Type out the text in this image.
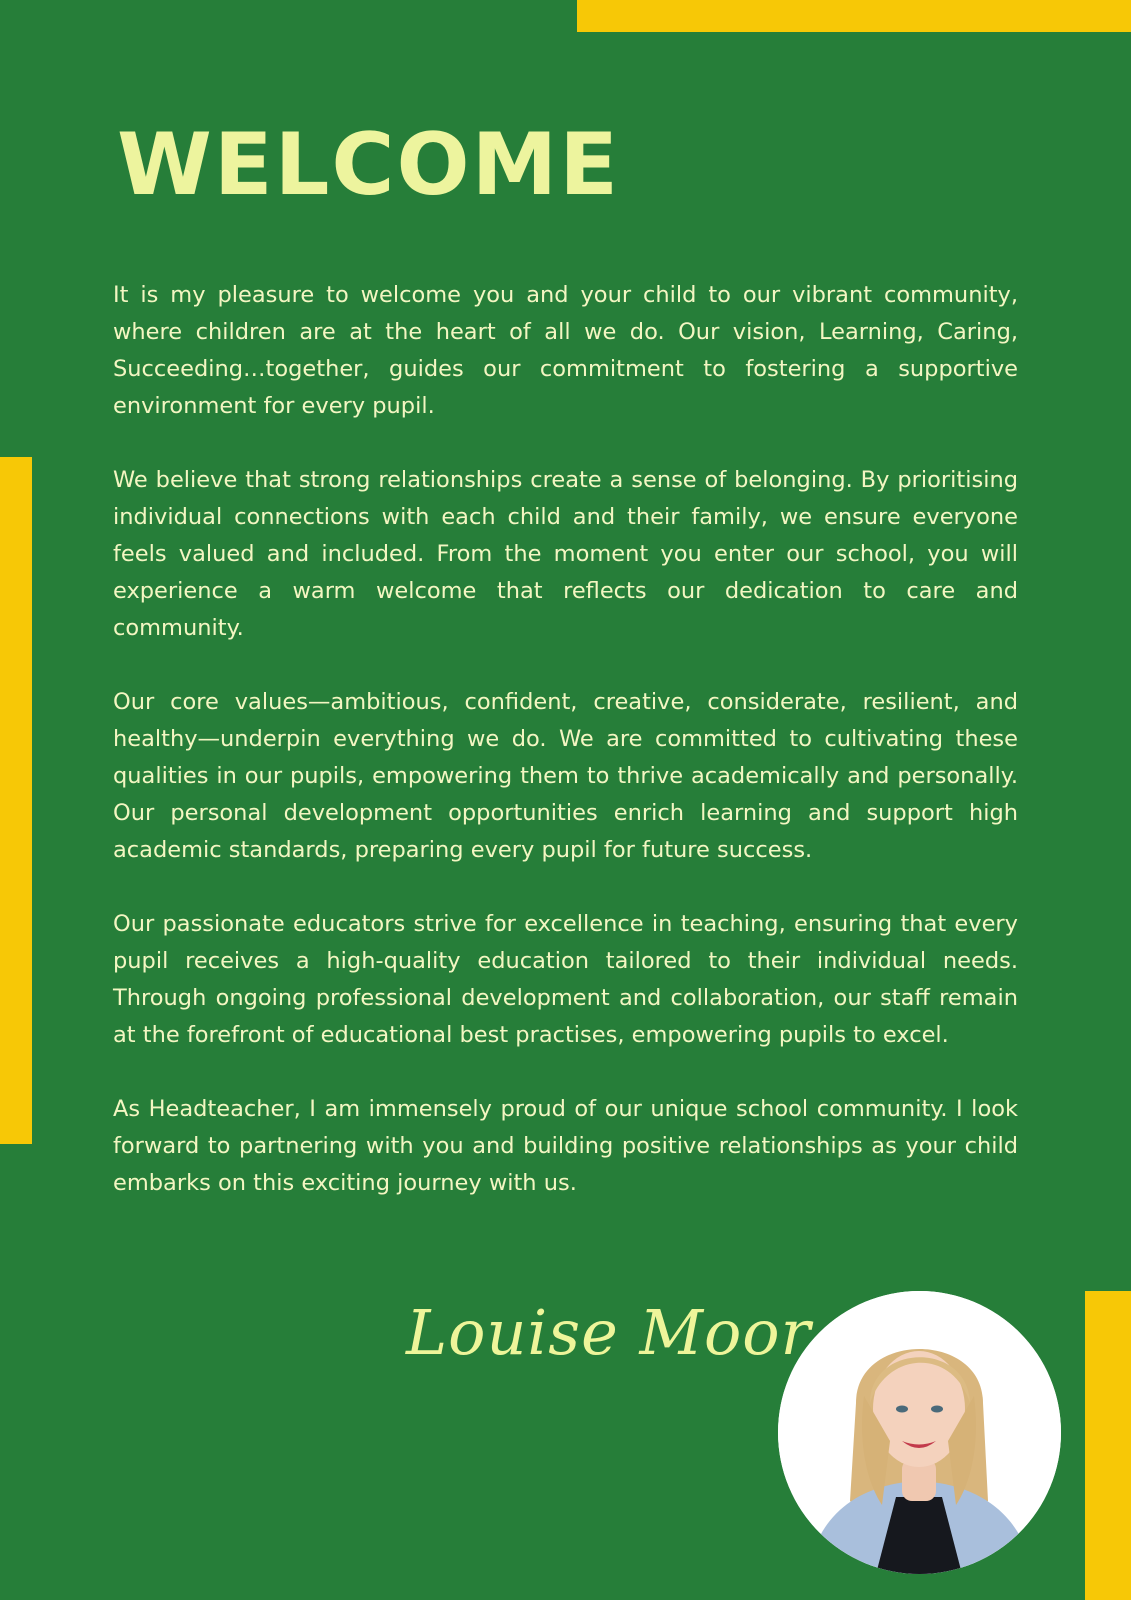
WELCOME

It is my pleasure to welcome you and your child to our vibrant community, where children are at the heart of all we do. Our vision, Learning, Caring, Succeeding…together, guides our commitment to fostering a supportive environment for every pupil.

We believe that strong relationships create a sense of belonging. By prioritising individual connections with each child and their family, we ensure everyone feels valued and included. From the moment you enter our school, you will experience a warm welcome that reflects our dedication to care and community.

Our core values—ambitious, confident, creative, considerate, resilient, and healthy—underpin everything we do. We are committed to cultivating these qualities in our pupils, empowering them to thrive academically and personally. Our personal development opportunities enrich learning and support high academic standards, preparing every pupil for future success.

Our passionate educators strive for excellence in teaching, ensuring that every pupil receives a high-quality education tailored to their individual needs. Through ongoing professional development and collaboration, our staff remain at the forefront of educational best practises, empowering pupils to excel.

As Headteacher, I am immensely proud of our unique school community. I look forward to partnering with you and building positive relationships as your child embarks on this exciting journey with us.

Louise Moor
